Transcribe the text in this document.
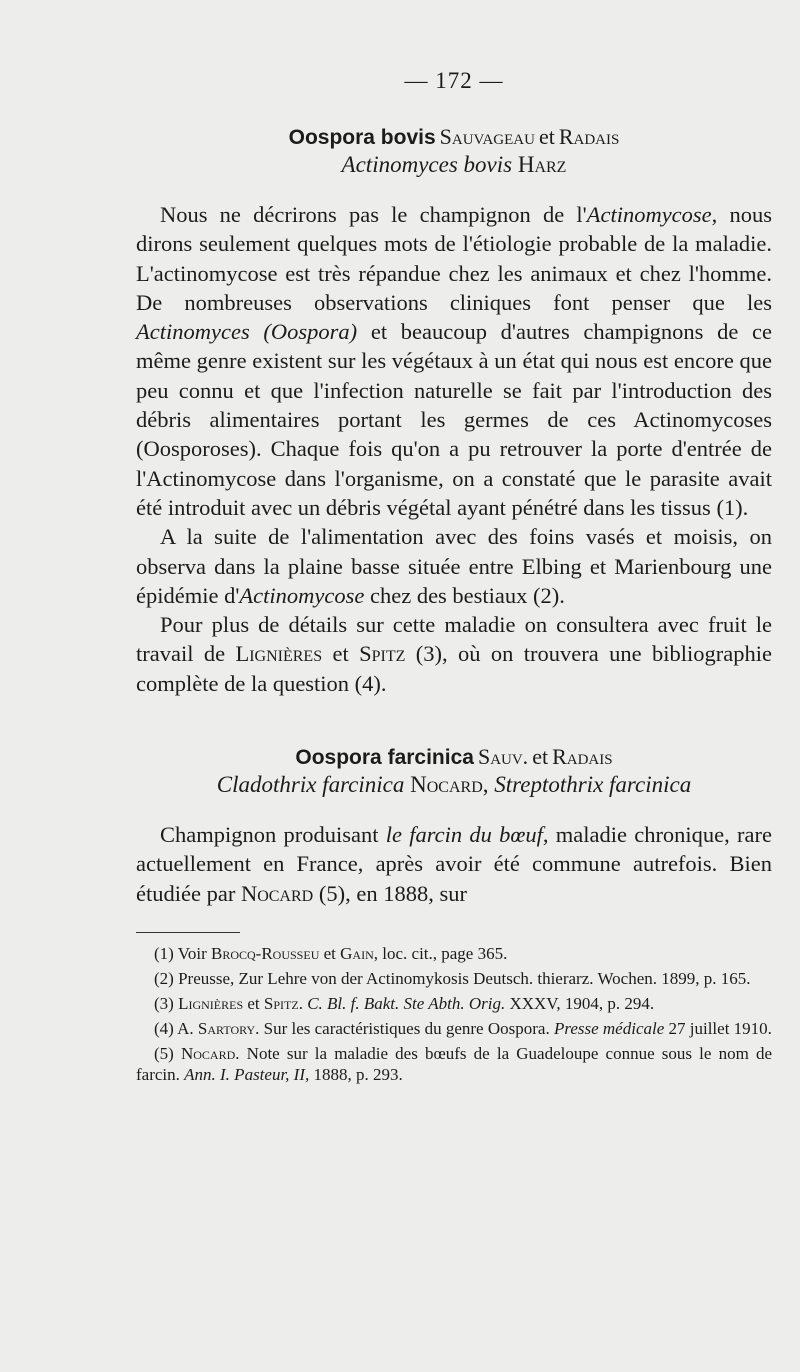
— 172 —
Oospora bovis Sauvageau et Radais
Actinomyces bovis Harz

Nous ne décrirons pas le champignon de l'Actinomycose, nous dirons seulement quelques mots de l'étiologie probable de la maladie. L'actinomycose est très répandue chez les animaux et chez l'homme. De nombreuses observations cliniques font penser que les Actinomyces (Oospora) et beaucoup d'autres champignons de ce même genre existent sur les végétaux à un état qui nous est encore que peu connu et que l'infection naturelle se fait par l'introduction des débris alimentaires portant les germes de ces Actinomycoses (Oosporoses). Chaque fois qu'on a pu retrouver la porte d'entrée de l'Actinomycose dans l'organisme, on a constaté que le parasite avait été introduit avec un débris végétal ayant pénétré dans les tissus (1).

A la suite de l'alimentation avec des foins vasés et moisis, on observa dans la plaine basse située entre Elbing et Marienbourg une épidémie d'Actinomycose chez des bestiaux (2).

Pour plus de détails sur cette maladie on consultera avec fruit le travail de Lignières et Spitz (3), où on trouvera une bibliographie complète de la question (4).

Oospora farcinica Sauv. et Radais
Cladothrix farcinica Nocard, Streptothrix farcinica

Champignon produisant le farcin du bœuf, maladie chronique, rare actuellement en France, après avoir été commune autrefois. Bien étudiée par Nocard (5), en 1888, sur

(1) Voir Brocq-Rousseu et Gain, loc. cit., page 365.

(2) Preusse, Zur Lehre von der Actinomykosis Deutsch. thierarz. Wochen. 1899, p. 165.

(3) Lignières et Spitz. C. Bl. f. Bakt. Ste Abth. Orig. XXXV, 1904, p. 294.

(4) A. Sartory. Sur les caractéristiques du genre Oospora. Presse médicale 27 juillet 1910.

(5) Nocard. Note sur la maladie des bœufs de la Guadeloupe connue sous le nom de farcin. Ann. I. Pasteur, II, 1888, p. 293.
